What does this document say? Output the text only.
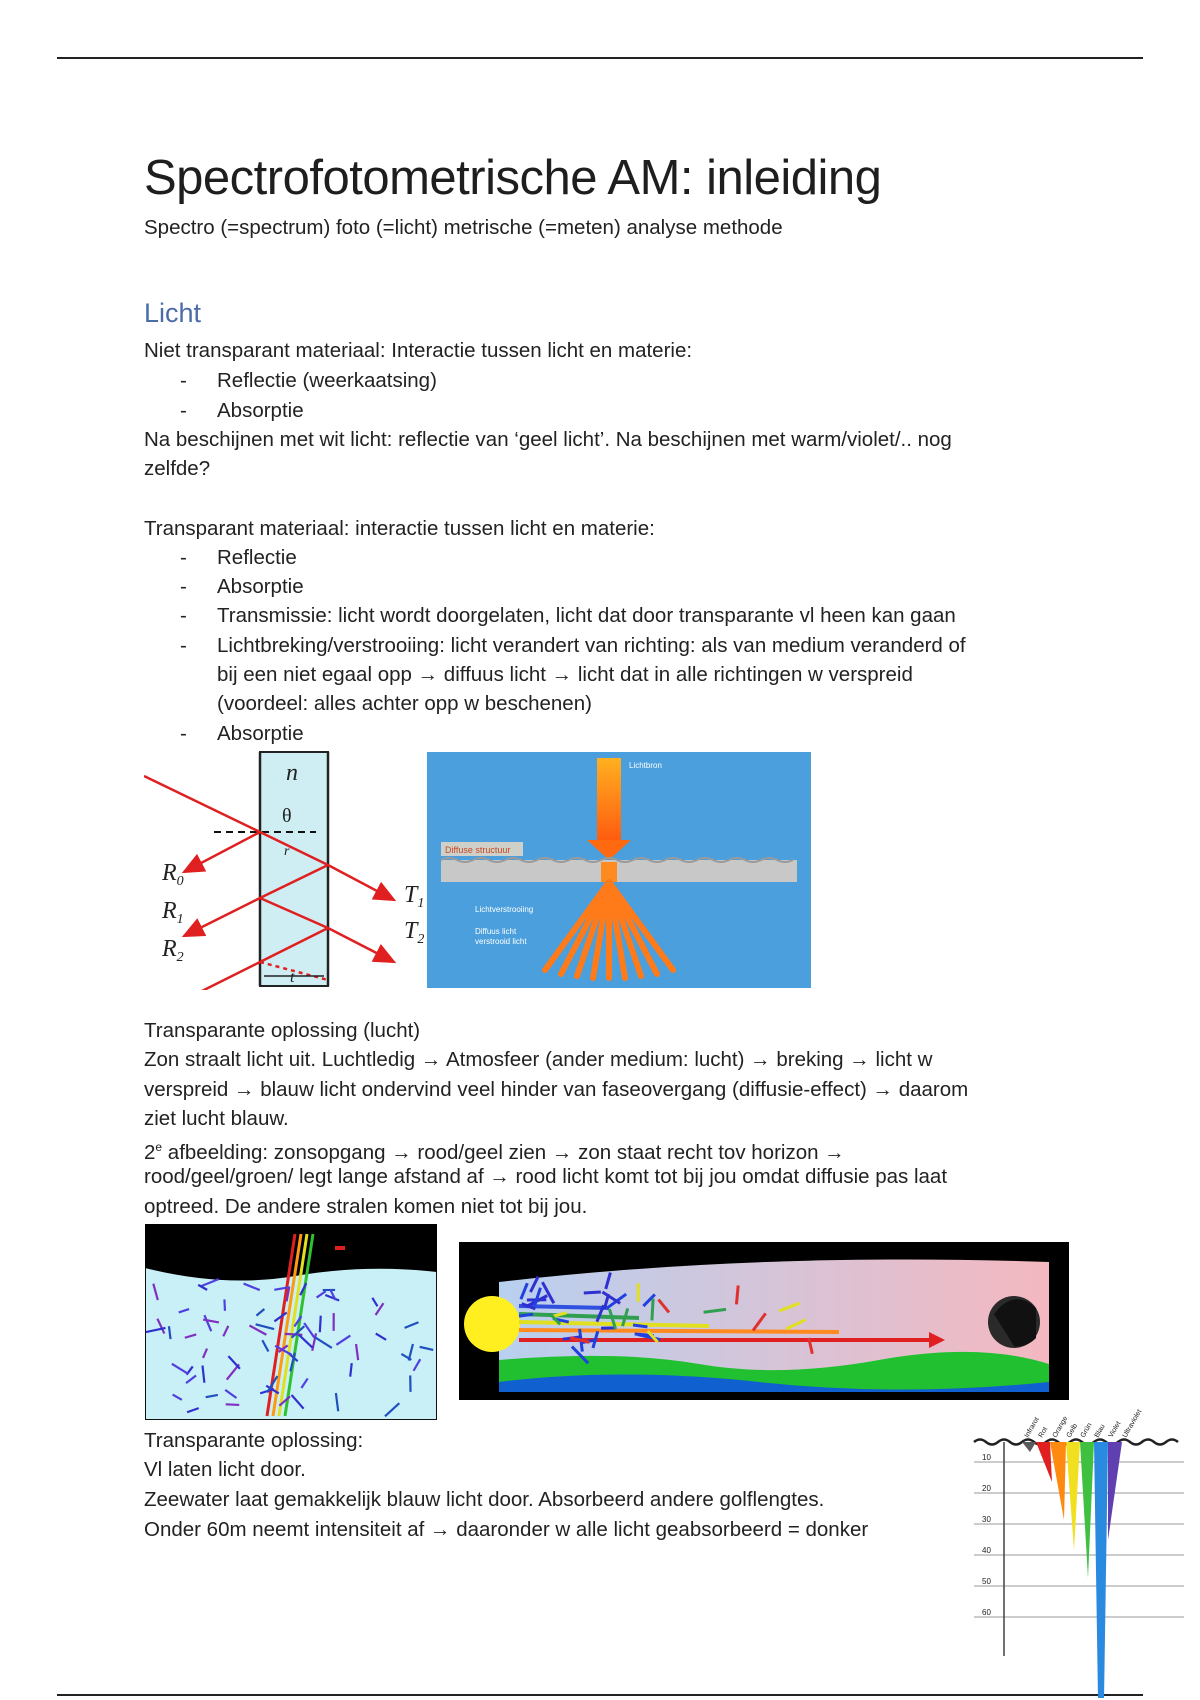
Spectrofotometrische AM: inleiding
Spectro (=spectrum) foto (=licht) metrische (=meten) analyse methode
Licht
Niet transparant materiaal: Interactie tussen licht en materie:
- Reflectie (weerkaatsing)
- Absorptie
Na beschijnen met wit licht: reflectie van ‘geel licht’. Na beschijnen met warm/violet/.. nog
zelfde?
Transparant materiaal: interactie tussen licht en materie:
- Reflectie
- Absorptie
- Transmissie: licht wordt doorgelaten, licht dat door transparante vl heen kan gaan
- Lichtbreking/verstrooiing: licht verandert van richting: als van medium veranderd of
bij een niet egaal opp → diffuus licht → licht dat in alle richtingen w verspreid
(voordeel: alles achter opp w beschenen)
- Absorptie
n
θ
r
t
$R_0$
$R_1$
$R_2$
$T_1$
$T_2$
Diffuse structuur
Lichtbron
Lichtverstrooiing
Diffuus licht
verstrooid licht
Transparante oplossing (lucht)
Zon straalt licht uit. Luchtledig → Atmosfeer (ander medium: lucht) → breking → licht w
verspreid → blauw licht ondervind veel hinder van faseovergang (diffusie-effect) → daarom
ziet lucht blauw.
2e afbeelding: zonsopgang → rood/geel zien → zon staat recht tov horizon →
rood/geel/groen/ legt lange afstand af → rood licht komt tot bij jou omdat diffusie pas laat
optreed. De andere stralen komen niet tot bij jou.
Transparante oplossing:
Vl laten licht door.
Zeewater laat gemakkelijk blauw licht door. Absorbeerd andere golflengtes.
Onder 60m neemt intensiteit af → daaronder w alle licht geabsorbeerd = donker
Infrarot
Rot Orange
Gelb Grün Blau Violet Ultraviolet
10
20
30
40
50
60
